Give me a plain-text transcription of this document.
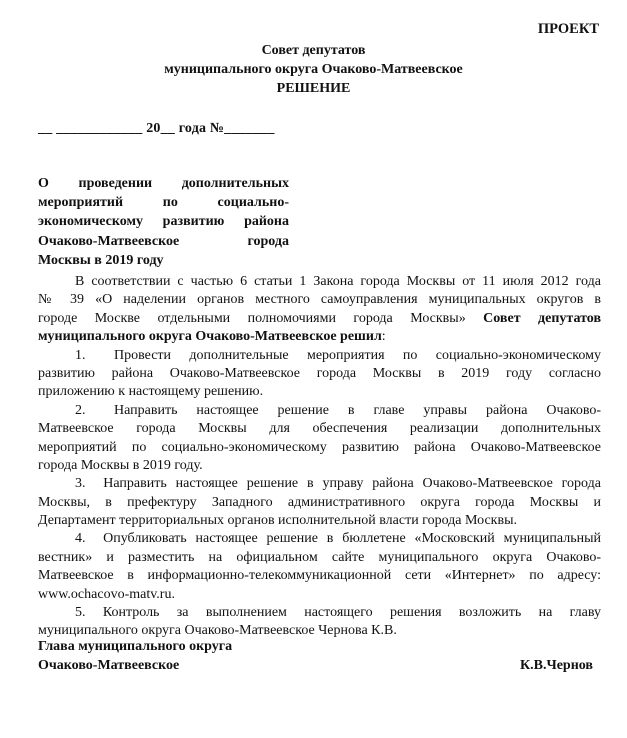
ПРОЕКТ
Совет депутатов
муниципального округа Очаково-Матвеевское
РЕШЕНИЕ
__ ____________ 20__ года №_______
О проведении дополнительных
мероприятий по социально-
экономическому развитию района
Очаково-Матвеевское города
Москвы в 2019 году
В соответствии с частью 6 статьи 1 Закона города Москвы от 11 июля 2012 года
№ 39 «О наделении органов местного самоуправления муниципальных округов в
городе Москве отдельными полномочиями города Москвы» Совет депутатов
муниципального округа Очаково-Матвеевское решил:
1. Провести дополнительные мероприятия по социально-экономическому
развитию района Очаково-Матвеевское города Москвы в 2019 году согласно
приложению к настоящему решению.
2. Направить настоящее решение в главе управы района Очаково-
Матвеевское города Москвы для обеспечения реализации дополнительных
мероприятий по социально-экономическому развитию района Очаково-Матвеевское
города Москвы в 2019 году.
3. Направить настоящее решение в управу района Очаково-Матвеевское города
Москвы, в префектуру Западного административного округа города Москвы и
Департамент территориальных органов исполнительной власти города Москвы.
4. Опубликовать настоящее решение в бюллетене «Московский муниципальный
вестник» и разместить на официальном сайте муниципального округа Очаково-
Матвеевское в информационно-телекоммуникационной сети «Интернет» по адресу:
www.ochacovo-matv.ru.
5. Контроль за выполнением настоящего решения возложить на главу
муниципального округа Очаково-Матвеевское Чернова К.В.
Глава муниципального округа
Очаково-Матвеевское	К.В.Чернов
